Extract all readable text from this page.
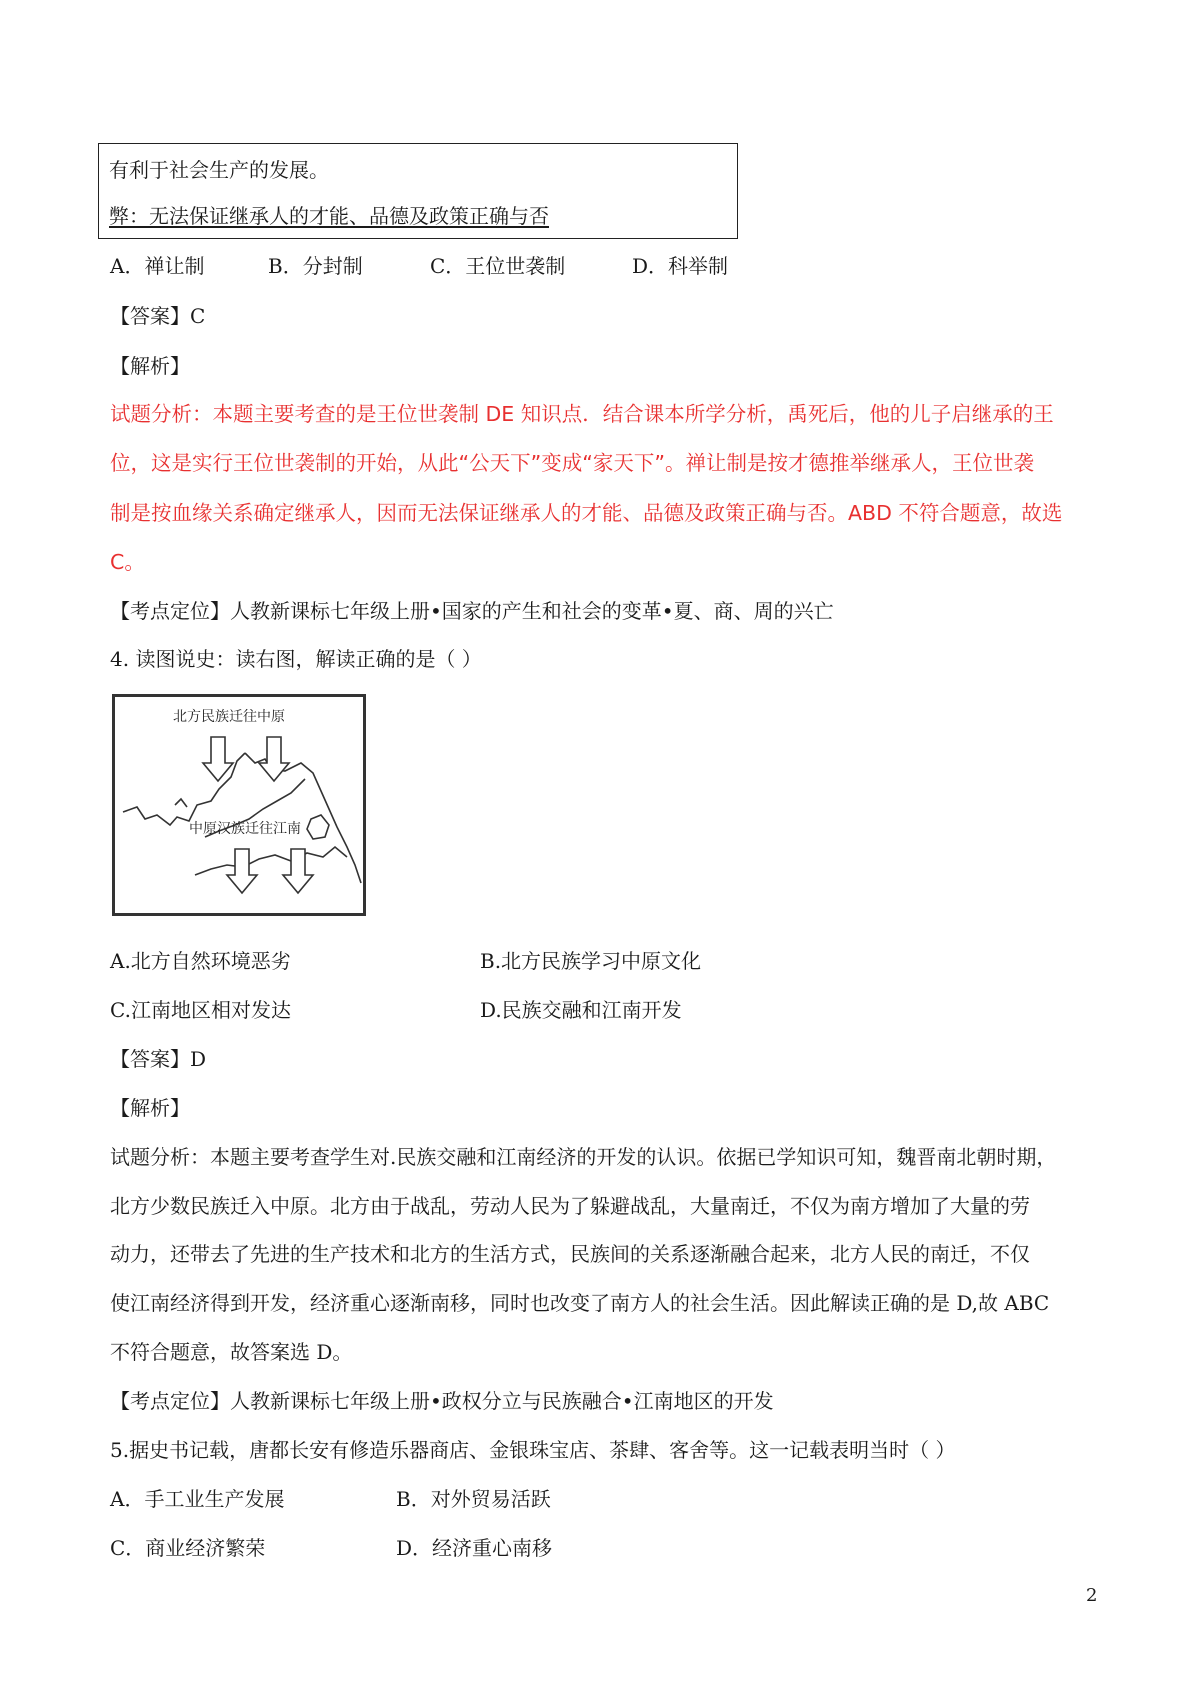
有利于社会生产的发展。
弊：无法保证继承人的才能、品德及政策正确与否
A．禅让制	B．分封制	C．王位世袭制	D．科举制
【答案】C
【解析】
试题分析：本题主要考查的是王位世袭制 DE 知识点．结合课本所学分析，禹死后，他的儿子启继承的王
位，这是实行王位世袭制的开始，从此“公天下”变成“家天下”。禅让制是按才德推举继承人，王位世袭
制是按血缘关系确定继承人，因而无法保证继承人的才能、品德及政策正确与否。ABD 不符合题意，故选
C。
【考点定位】人教新课标七年级上册•国家的产生和社会的变革•夏、商、周的兴亡
4. 读图说史：读右图，解读正确的是（ ）
北方民族迁往中原
中原汉族迁往江南
A.北方自然环境恶劣	B.北方民族学习中原文化
C.江南地区相对发达	D.民族交融和江南开发
【答案】D
【解析】
试题分析：本题主要考查学生对.民族交融和江南经济的开发的认识。依据已学知识可知，魏晋南北朝时期，
北方少数民族迁入中原。北方由于战乱，劳动人民为了躲避战乱，大量南迁，不仅为南方增加了大量的劳
动力，还带去了先进的生产技术和北方的生活方式，民族间的关系逐渐融合起来，北方人民的南迁，不仅
使江南经济得到开发，经济重心逐渐南移，同时也改变了南方人的社会生活。因此解读正确的是 D,故 ABC
不符合题意，故答案选 D。
【考点定位】人教新课标七年级上册•政权分立与民族融合•江南地区的开发
5.据史书记载，唐都长安有修造乐器商店、金银珠宝店、茶肆、客舍等。这一记载表明当时（ ）
A．手工业生产发展	B．对外贸易活跃
C．商业经济繁荣	D．经济重心南移
2
